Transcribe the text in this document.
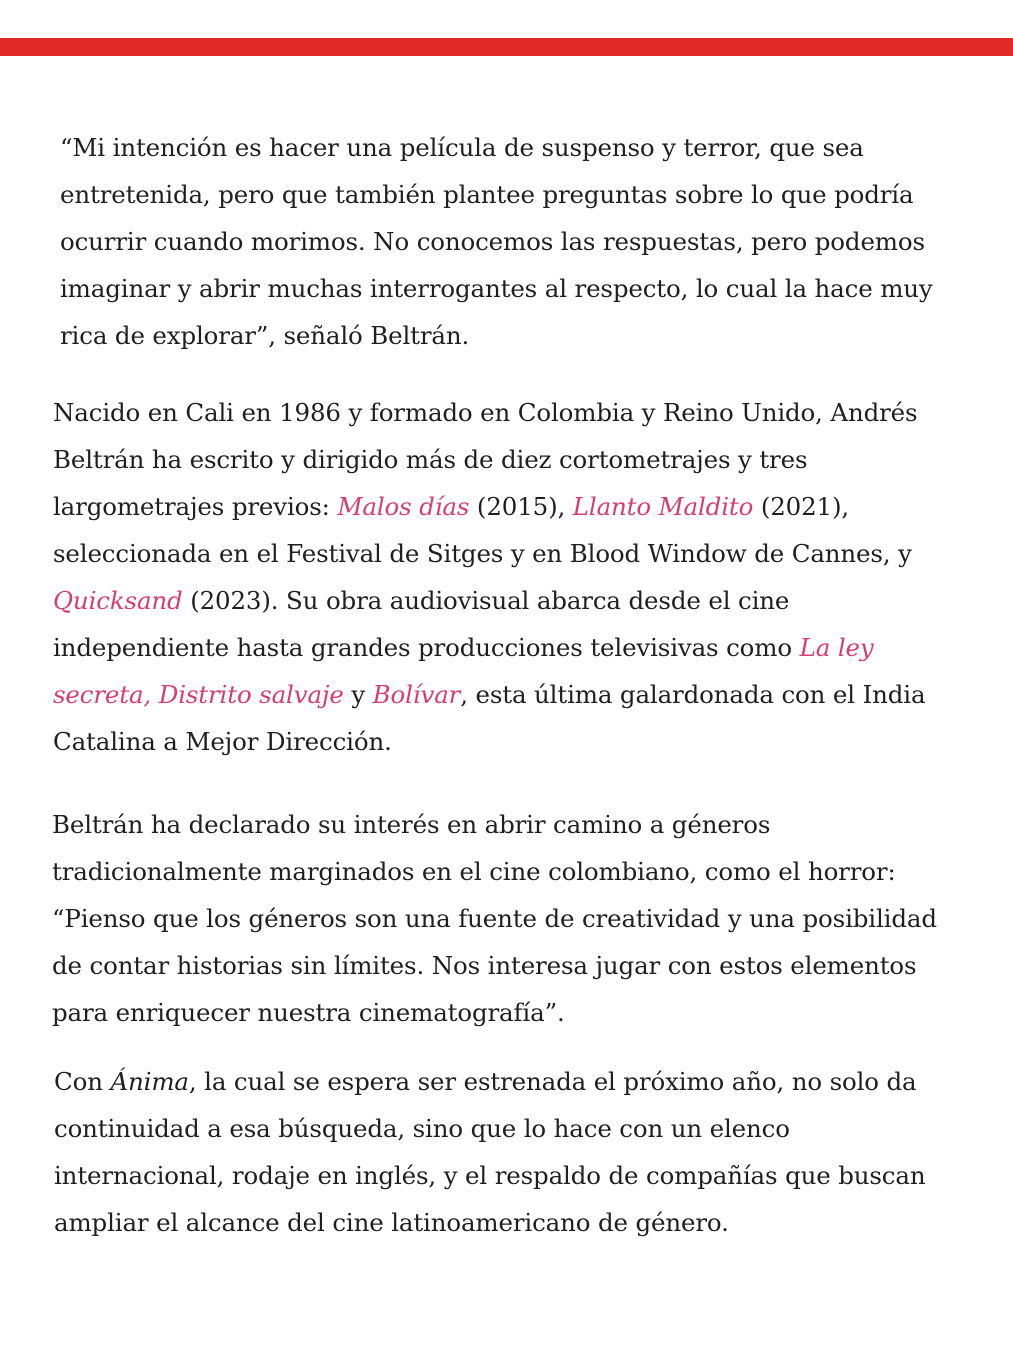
“Mi intención es hacer una película de suspenso y terror, que sea
entretenida, pero que también plantee preguntas sobre lo que podría
ocurrir cuando morimos. No conocemos las respuestas, pero podemos
imaginar y abrir muchas interrogantes al respecto, lo cual la hace muy
rica de explorar”, señaló Beltrán.

Nacido en Cali en 1986 y formado en Colombia y Reino Unido, Andrés
Beltrán ha escrito y dirigido más de diez cortometrajes y tres
largometrajes previos: Malos días (2015), Llanto Maldito (2021),
seleccionada en el Festival de Sitges y en Blood Window de Cannes, y
Quicksand (2023). Su obra audiovisual abarca desde el cine
independiente hasta grandes producciones televisivas como La ley
secreta, Distrito salvaje y Bolívar, esta última galardonada con el India
Catalina a Mejor Dirección.

Beltrán ha declarado su interés en abrir camino a géneros
tradicionalmente marginados en el cine colombiano, como el horror:
“Pienso que los géneros son una fuente de creatividad y una posibilidad
de contar historias sin límites. Nos interesa jugar con estos elementos
para enriquecer nuestra cinematografía”.

Con Ánima, la cual se espera ser estrenada el próximo año, no solo da
continuidad a esa búsqueda, sino que lo hace con un elenco
internacional, rodaje en inglés, y el respaldo de compañías que buscan
ampliar el alcance del cine latinoamericano de género.
